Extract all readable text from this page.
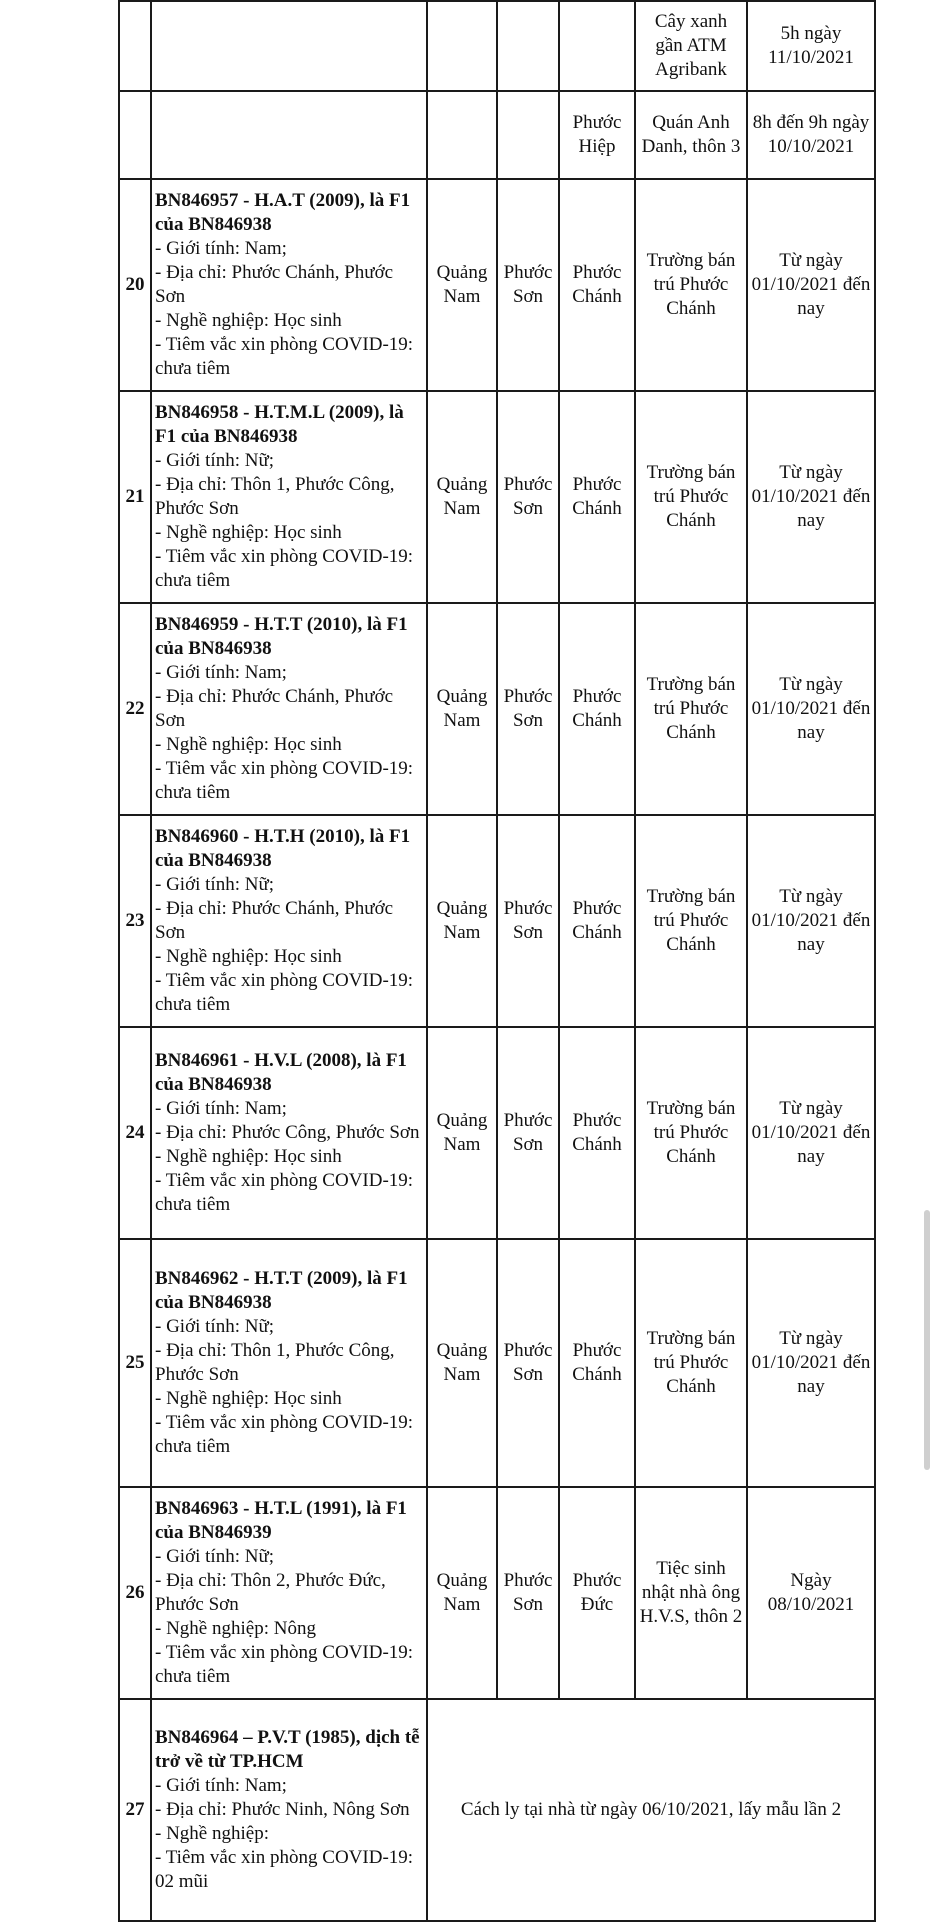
					Cây xanh gần ATM Agribank	5h ngày 11/10/2021
				Phước Hiệp	Quán Anh Danh, thôn 3	8h đến 9h ngày 10/10/2021
20	BN846957 - H.A.T (2009), là F1 của BN846938
- Giới tính: Nam;
- Địa chỉ: Phước Chánh, Phước Sơn
- Nghề nghiệp: Học sinh
- Tiêm vắc xin phòng COVID-19: chưa tiêm	Quảng Nam	Phước Sơn	Phước Chánh	Trường bán trú Phước Chánh	Từ ngày 01/10/2021 đến nay
21	BN846958 - H.T.M.L (2009), là F1 của BN846938
- Giới tính: Nữ;
- Địa chỉ: Thôn 1, Phước Công, Phước Sơn
- Nghề nghiệp: Học sinh
- Tiêm vắc xin phòng COVID-19: chưa tiêm	Quảng Nam	Phước Sơn	Phước Chánh	Trường bán trú Phước Chánh	Từ ngày 01/10/2021 đến nay
22	BN846959 - H.T.T (2010), là F1 của BN846938
- Giới tính: Nam;
- Địa chỉ: Phước Chánh, Phước Sơn
- Nghề nghiệp: Học sinh
- Tiêm vắc xin phòng COVID-19: chưa tiêm	Quảng Nam	Phước Sơn	Phước Chánh	Trường bán trú Phước Chánh	Từ ngày 01/10/2021 đến nay
23	BN846960 - H.T.H (2010), là F1 của BN846938
- Giới tính: Nữ;
- Địa chỉ: Phước Chánh, Phước Sơn
- Nghề nghiệp: Học sinh
- Tiêm vắc xin phòng COVID-19: chưa tiêm	Quảng Nam	Phước Sơn	Phước Chánh	Trường bán trú Phước Chánh	Từ ngày 01/10/2021 đến nay
24	BN846961 - H.V.L (2008), là F1 của BN846938
- Giới tính: Nam;
- Địa chỉ: Phước Công, Phước Sơn
- Nghề nghiệp: Học sinh
- Tiêm vắc xin phòng COVID-19: chưa tiêm	Quảng Nam	Phước Sơn	Phước Chánh	Trường bán trú Phước Chánh	Từ ngày 01/10/2021 đến nay
25	BN846962 - H.T.T (2009), là F1 của BN846938
- Giới tính: Nữ;
- Địa chỉ: Thôn 1, Phước Công, Phước Sơn
- Nghề nghiệp: Học sinh
- Tiêm vắc xin phòng COVID-19: chưa tiêm	Quảng Nam	Phước Sơn	Phước Chánh	Trường bán trú Phước Chánh	Từ ngày 01/10/2021 đến nay
26	BN846963 - H.T.L (1991), là F1 của BN846939
- Giới tính: Nữ;
- Địa chỉ: Thôn 2, Phước Đức, Phước Sơn
- Nghề nghiệp: Nông
- Tiêm vắc xin phòng COVID-19: chưa tiêm	Quảng Nam	Phước Sơn	Phước Đức	Tiệc sinh nhật nhà ông H.V.S, thôn 2	Ngày 08/10/2021
27	BN846964 – P.V.T (1985), dịch tễ trở về từ TP.HCM
- Giới tính: Nam;
- Địa chỉ: Phước Ninh, Nông Sơn
- Nghề nghiệp:
- Tiêm vắc xin phòng COVID-19: 02 mũi	Cách ly tại nhà từ ngày 06/10/2021, lấy mẫu lần 2				
